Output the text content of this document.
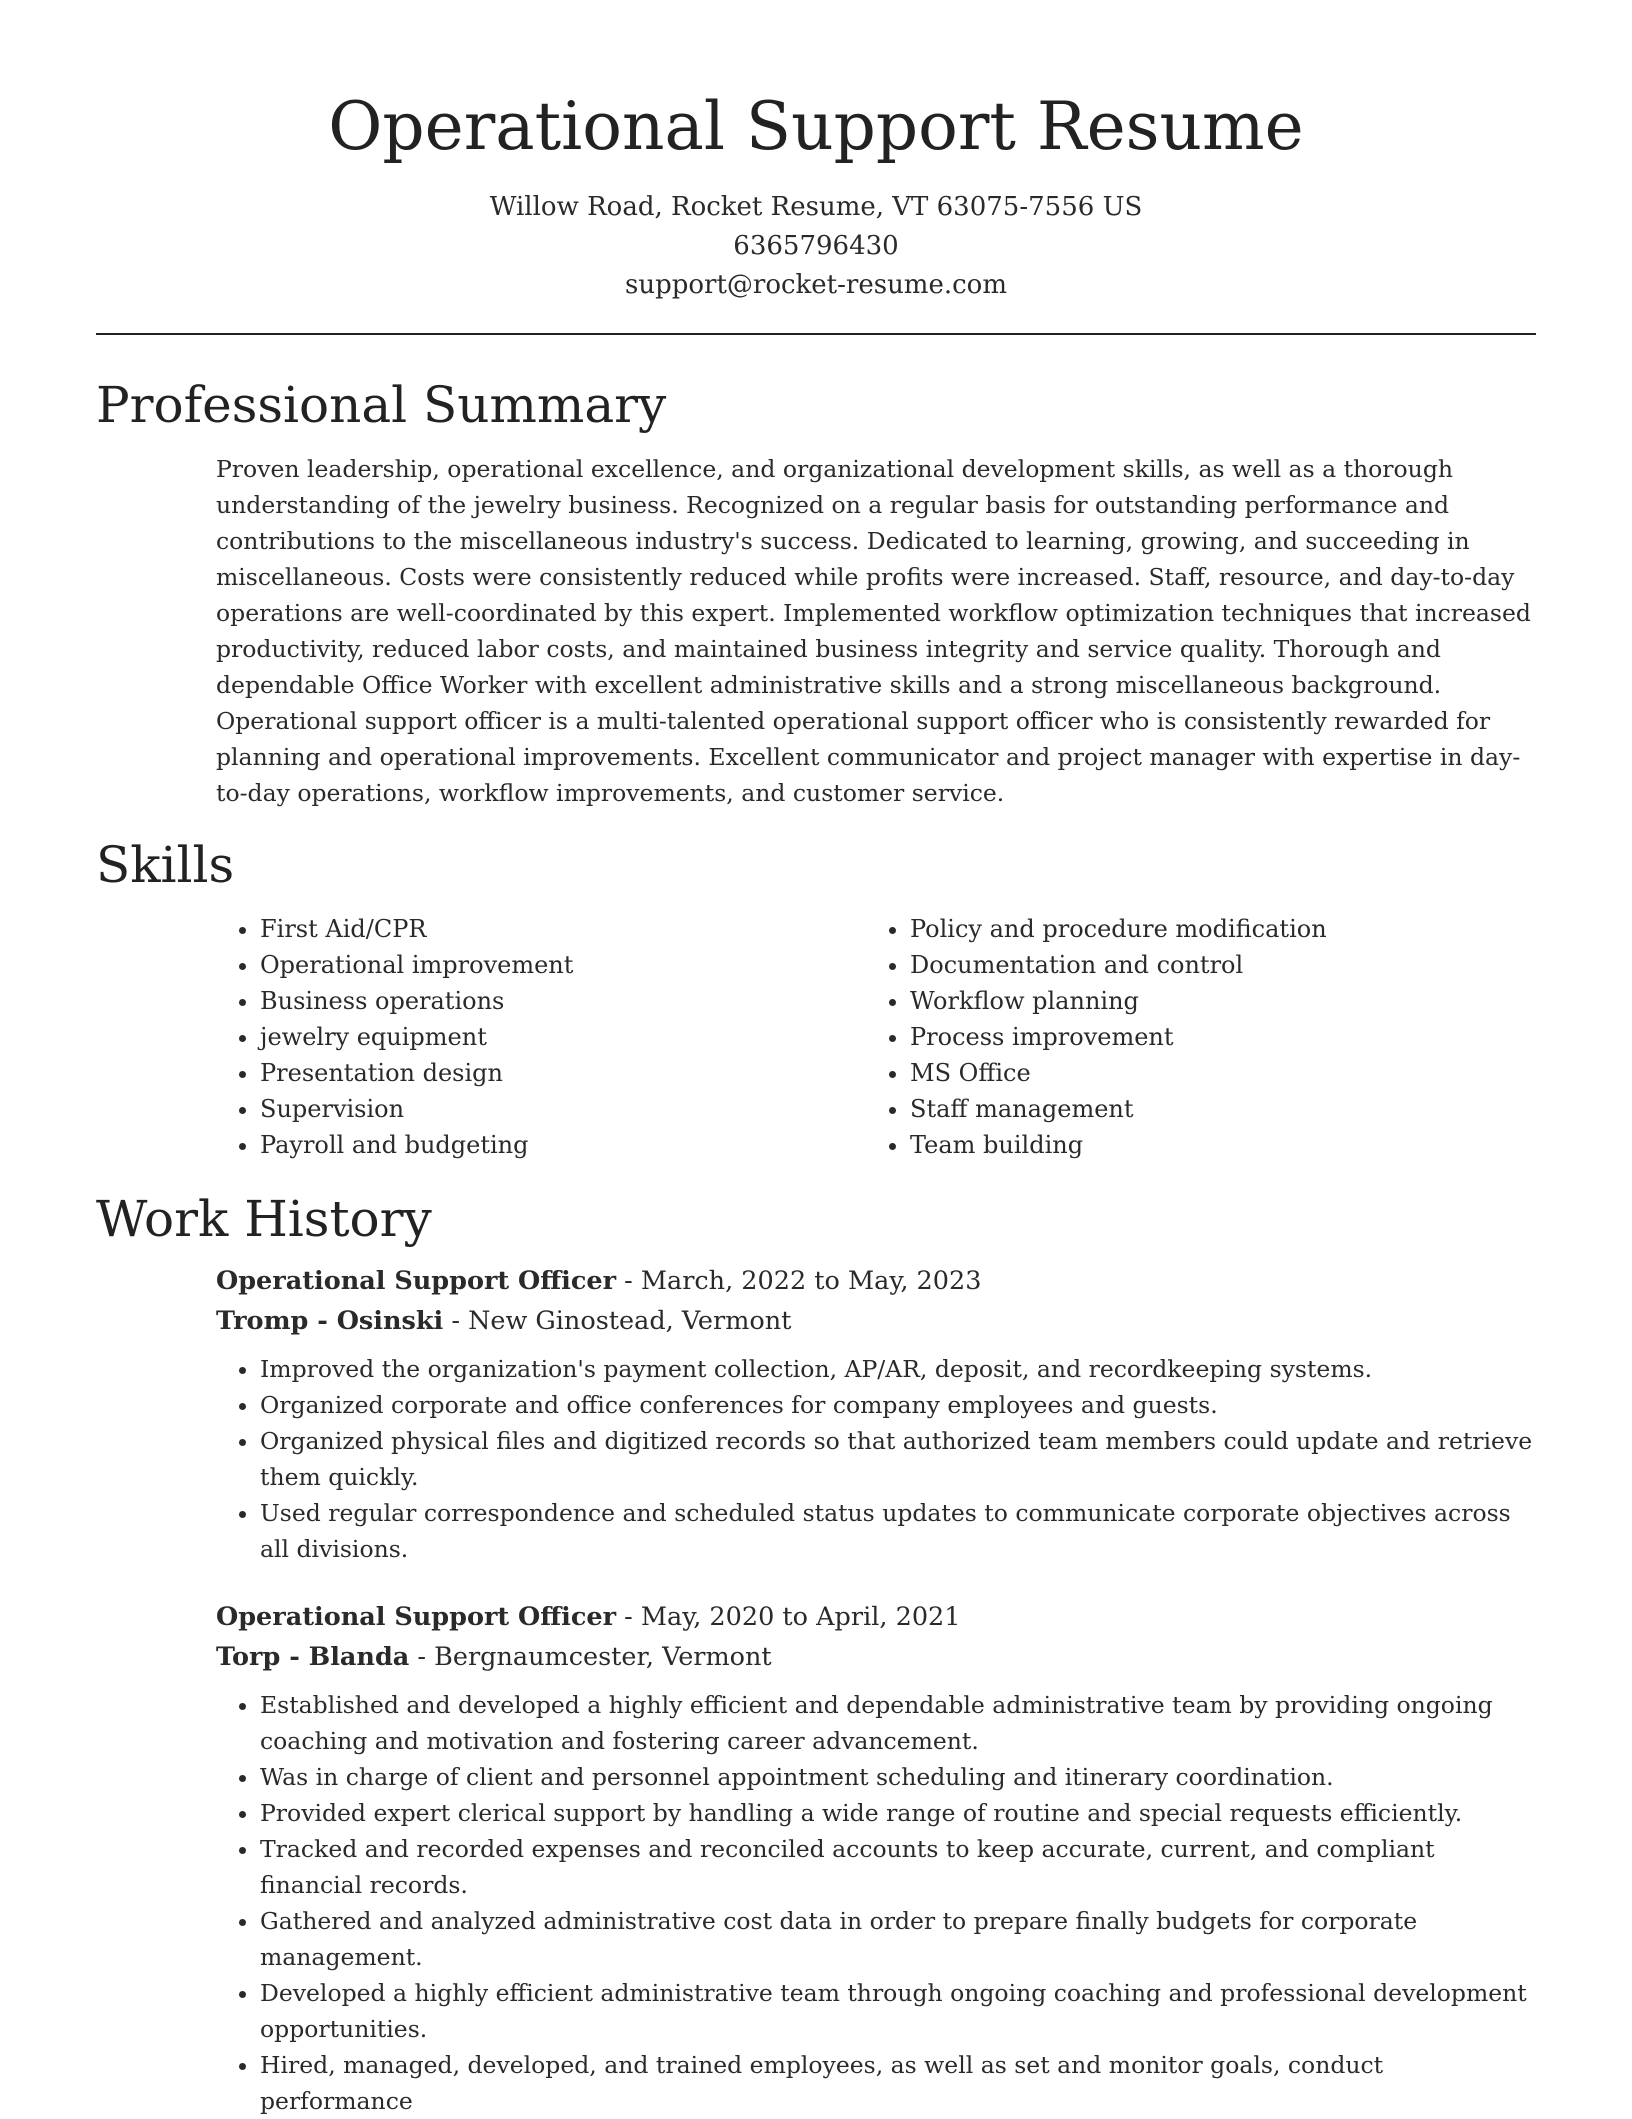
Operational Support Resume
Willow Road, Rocket Resume, VT 63075-7556 US
6365796430
support@rocket-resume.com
Professional Summary
Proven leadership, operational excellence, and organizational development skills, as well as a thorough understanding of the jewelry business. Recognized on a regular basis for outstanding performance and contributions to the miscellaneous industry's success. Dedicated to learning, growing, and succeeding in miscellaneous. Costs were consistently reduced while profits were increased. Staff, resource, and day-to-day operations are well-coordinated by this expert. Implemented workflow optimization techniques that increased productivity, reduced labor costs, and maintained business integrity and service quality. Thorough and dependable Office Worker with excellent administrative skills and a strong miscellaneous background. Operational support officer is a multi-talented operational support officer who is consistently rewarded for planning and operational improvements. Excellent communicator and project manager with expertise in day-to-day operations, workflow improvements, and customer service.
Skills
• First Aid/CPR
• Operational improvement
• Business operations
• jewelry equipment
• Presentation design
• Supervision
• Payroll and budgeting
• Policy and procedure modification
• Documentation and control
• Workflow planning
• Process improvement
• MS Office
• Staff management
• Team building
Work History
Operational Support Officer - March, 2022 to May, 2023
Tromp - Osinski - New Ginostead, Vermont
• Improved the organization's payment collection, AP/AR, deposit, and recordkeeping systems.
• Organized corporate and office conferences for company employees and guests.
• Organized physical files and digitized records so that authorized team members could update and retrieve them quickly.
• Used regular correspondence and scheduled status updates to communicate corporate objectives across all divisions.
Operational Support Officer - May, 2020 to April, 2021
Torp - Blanda - Bergnaumcester, Vermont
• Established and developed a highly efficient and dependable administrative team by providing ongoing coaching and motivation and fostering career advancement.
• Was in charge of client and personnel appointment scheduling and itinerary coordination.
• Provided expert clerical support by handling a wide range of routine and special requests efficiently.
• Tracked and recorded expenses and reconciled accounts to keep accurate, current, and compliant financial records.
• Gathered and analyzed administrative cost data in order to prepare finally budgets for corporate management.
• Developed a highly efficient administrative team through ongoing coaching and professional development opportunities.
• Hired, managed, developed, and trained employees, as well as set and monitor goals, conduct performance
